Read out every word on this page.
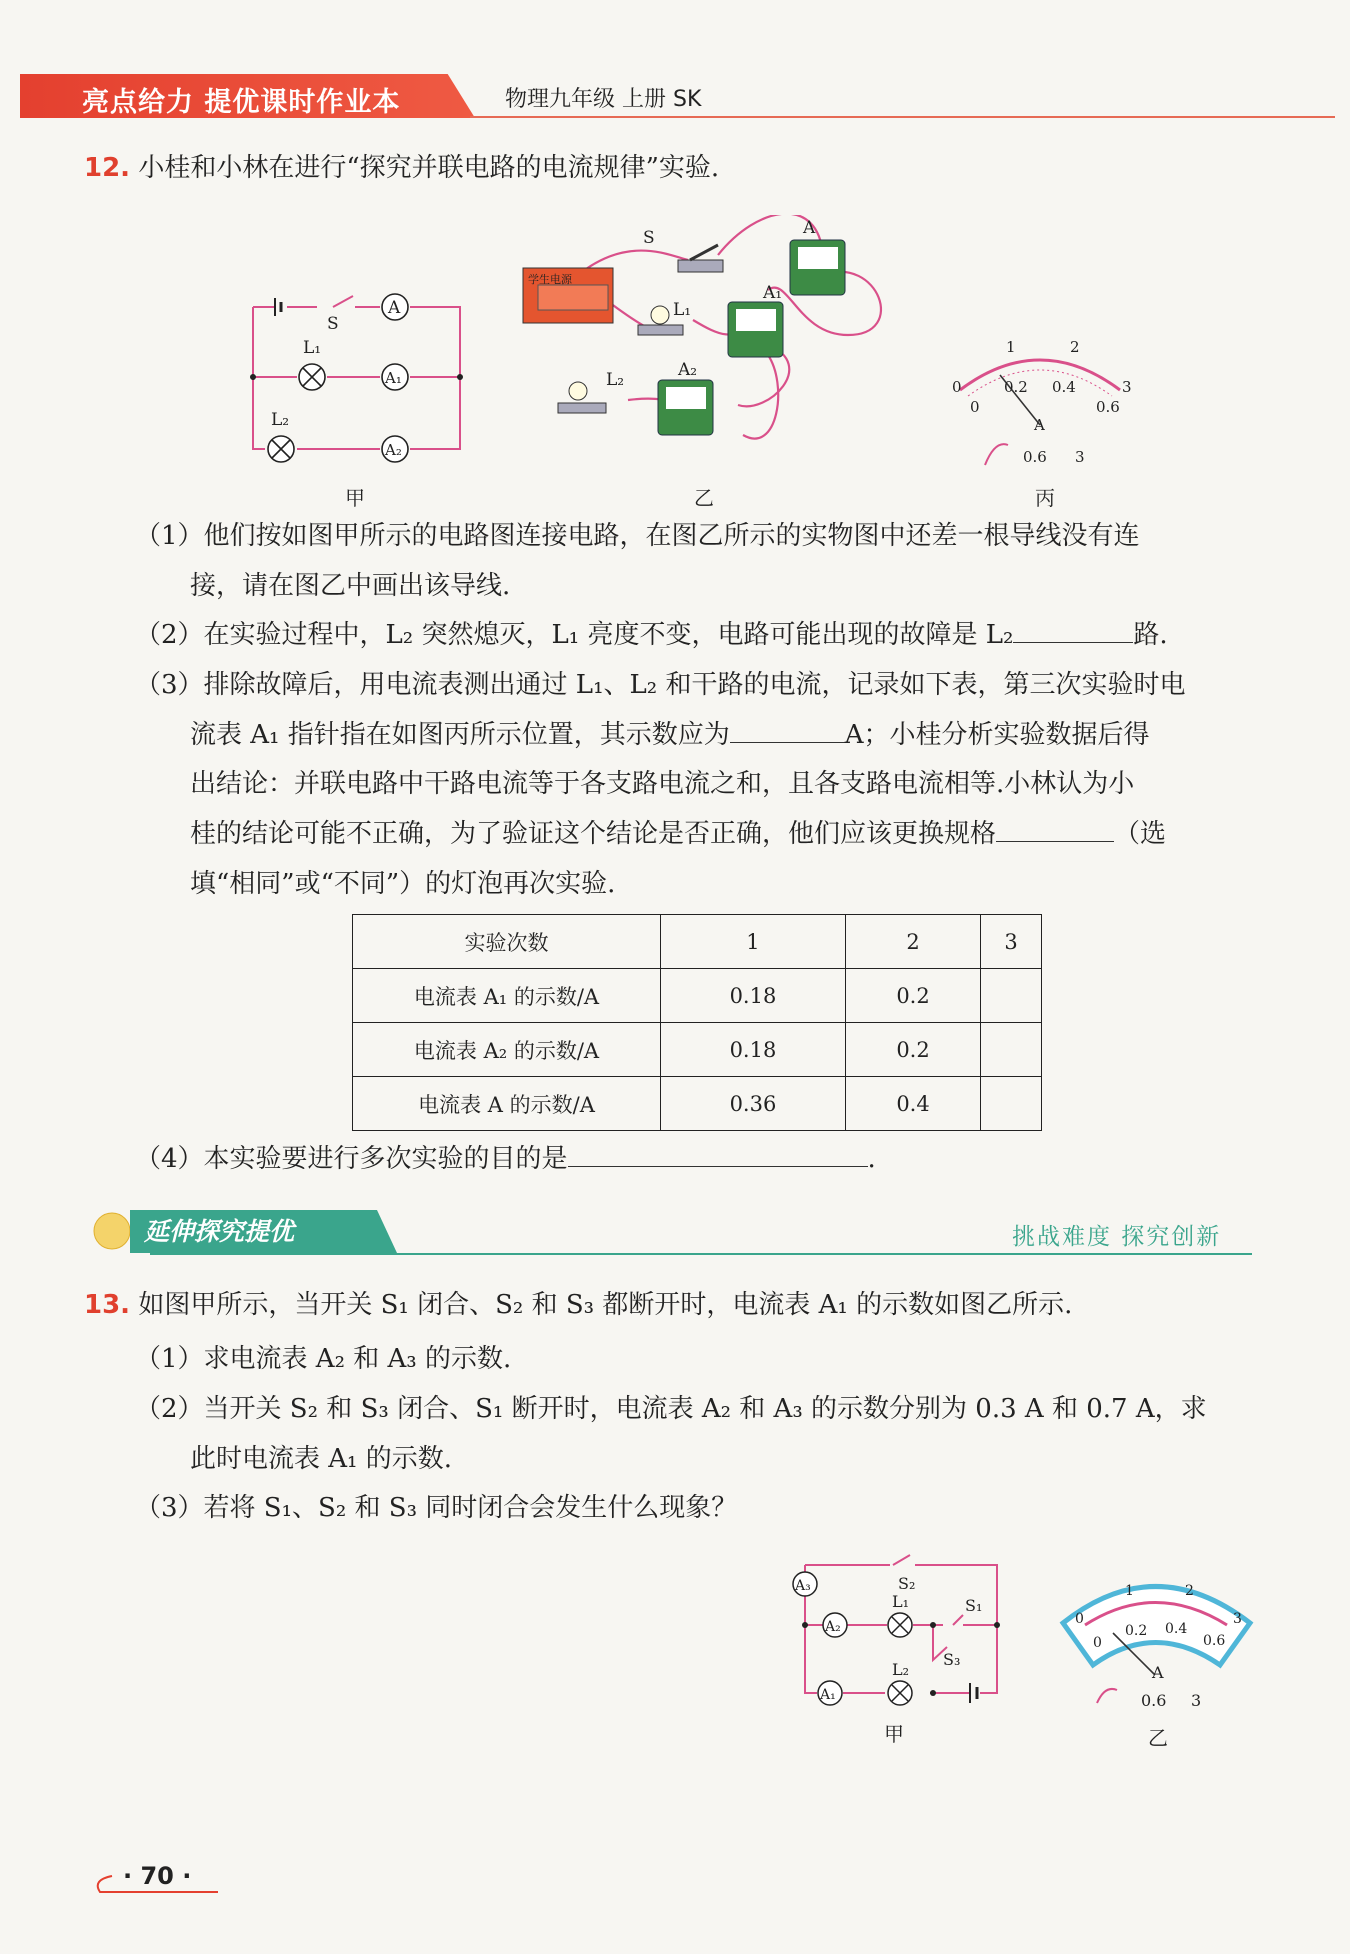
亮点给力 提优课时作业本	物理九年级 上册 SK
12. 小桂和小林在进行“探究并联电路的电流规律”实验.
A
S
L₁
A₁
L₂
A₂
甲
学生电源
S	A
L₁
A₁
L₂	A₂
乙
0
1	2
3
0
0.2 0.4
0.6
A
0.6 3
丙
（1）他们按如图甲所示的电路图连接电路，在图乙所示的实物图中还差一根导线没有连
接，请在图乙中画出该导线.
（2）在实验过程中，L₂ 突然熄灭，L₁ 亮度不变，电路可能出现的故障是 L₂	路.
（3）排除故障后，用电流表测出通过 L₁、L₂ 和干路的电流，记录如下表，第三次实验时电
流表 A₁ 指针指在如图丙所示位置，其示数应为	A；小桂分析实验数据后得
出结论：并联电路中干路电流等于各支路电流之和，且各支路电流相等.小林认为小
桂的结论可能不正确，为了验证这个结论是否正确，他们应该更换规格	（选
填“相同”或“不同”）的灯泡再次实验.
实验次数	1	2	3
电流表 A₁ 的示数/A	0.18	0.2	
电流表 A₂ 的示数/A	0.18	0.2	
电流表 A 的示数/A	0.36	0.4	
（4）本实验要进行多次实验的目的是	.
延伸探究提优	挑战难度 探究创新
13. 如图甲所示，当开关 S₁ 闭合、S₂ 和 S₃ 都断开时，电流表 A₁ 的示数如图乙所示.
（1）求电流表 A₂ 和 A₃ 的示数.
（2）当开关 S₂ 和 S₃ 闭合、S₁ 断开时，电流表 A₂ 和 A₃ 的示数分别为 0.3 A 和 0.7 A，求
此时电流表 A₁ 的示数.
（3）若将 S₁、S₂ 和 S₃ 同时闭合会发生什么现象？
S₂
A₃
L₁	S₁
A₂
L₂
S₃
A₁
甲
0
1	2
3
0
0.2 0.4
0.6
A
0.6 3
乙
· 70 ·
